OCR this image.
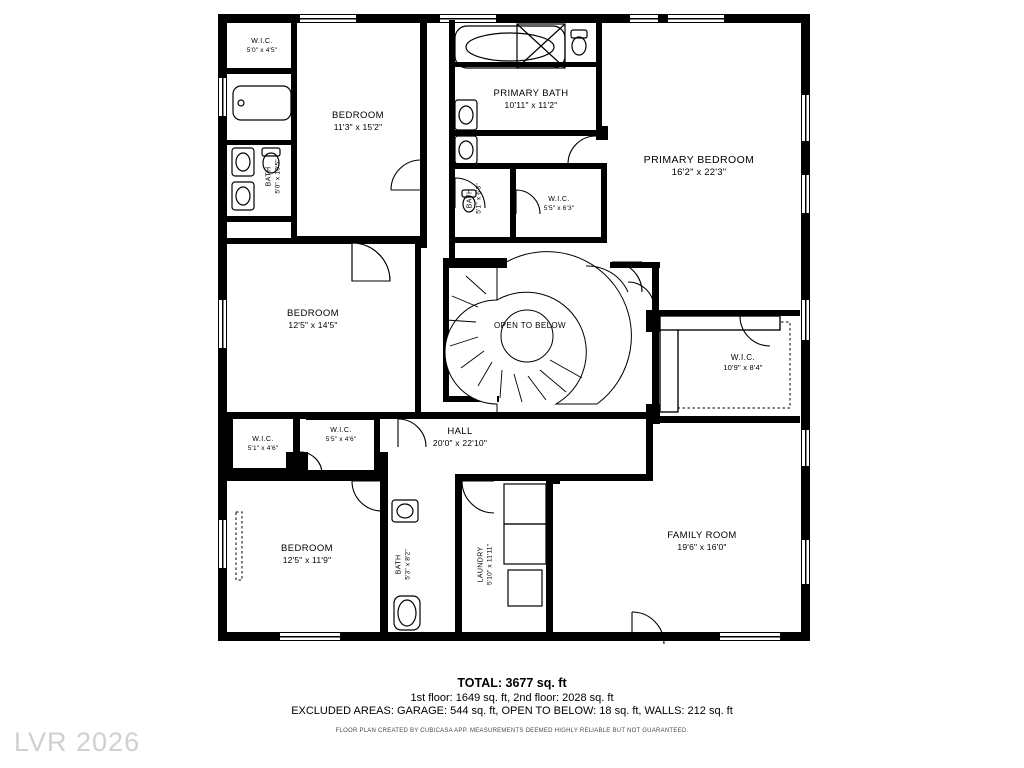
W.I.C.
5'0" x 4'5"
BEDROOM
11'3" x 15'2"
BATH 5'0" x 10'5"
PRIMARY BATH
10'11" x 11'2"
PRIMARY BEDROOM
16'2" x 22'3"
BATH 5'1" x 6'3"	W.I.C.
5'5" x 6'3"
BEDROOM
12'5" x 14'5"	OPEN TO BELOW
W.I.C.
10'9" x 8'4"
HALL
20'0" x 22'10"
W.I.C.
5'1" x 4'6"
W.I.C.
5'5" x 4'6"
BEDROOM
12'5" x 11'9"	BATH 5'3" x 8'2"	LAUNDRY 5'10" x 11'11"
FAMILY ROOM
19'6" x 16'0"
TOTAL: 3677 sq. ft
1st floor: 1649 sq. ft, 2nd floor: 2028 sq. ft
EXCLUDED AREAS: GARAGE: 544 sq. ft, OPEN TO BELOW: 18 sq. ft, WALLS: 212 sq. ft
FLOOR PLAN CREATED BY CUBICASA APP. MEASUREMENTS DEEMED HIGHLY RELIABLE BUT NOT GUARANTEED.
LVR 2026
